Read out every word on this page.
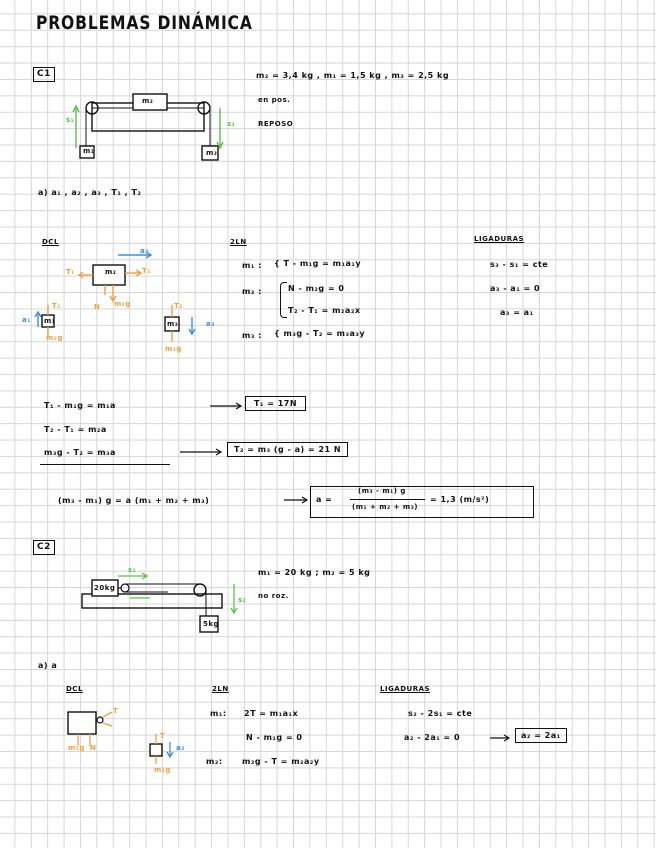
PROBLEMAS DINÁMICA
C1
m₂
m₁	m₃
s₁	s₃
m₂ = 3,4 kg , m₁ = 1,5 kg , m₃ = 2,5 kg
en pos.
REPOSO
a) a₁ , a₂ , a₃ , T₁ , T₂
DCL
a₂
T₁	T₂
m₂
N m₂g
a₁ m₁
T₁
m₁g
m₃
T₂
m₃g
a₃
2LN
m₁ : { T - m₁g = m₁a₁y
m₂ :	N - m₂g = 0
T₂ - T₁ = m₂a₂x
m₃ : { m₃g - T₂ = m₃a₃y
LIGADURAS
s₃ - s₁ = cte
a₃ - a₁ = 0
a₃ = a₁
T₁ - m₁g = m₁a
T₂ - T₁ = m₂a
m₃g - T₂ = m₃a
T₁ = 17N
T₂ = m₃ (g - a) = 21 N
(m₃ - m₁) g = a (m₁ + m₂ + m₃)	a =
(m₃ - m₁) g
(m₁ + m₂ + m₃)
= 1,3 (m/s²)
C2
20kg
5kg
s₁
s₂
m₁ = 20 kg ; m₂ = 5 kg
no roz.
a) a
DCL
T
m₁g N
T
m₂g
a₂
2LN
m₁: 2T = m₁a₁x
N - m₁g = 0
m₂: m₂g - T = m₂a₂y
LIGADURAS
s₂ - 2s₁ = cte
a₂ - 2a₁ = 0	a₂ = 2a₁
